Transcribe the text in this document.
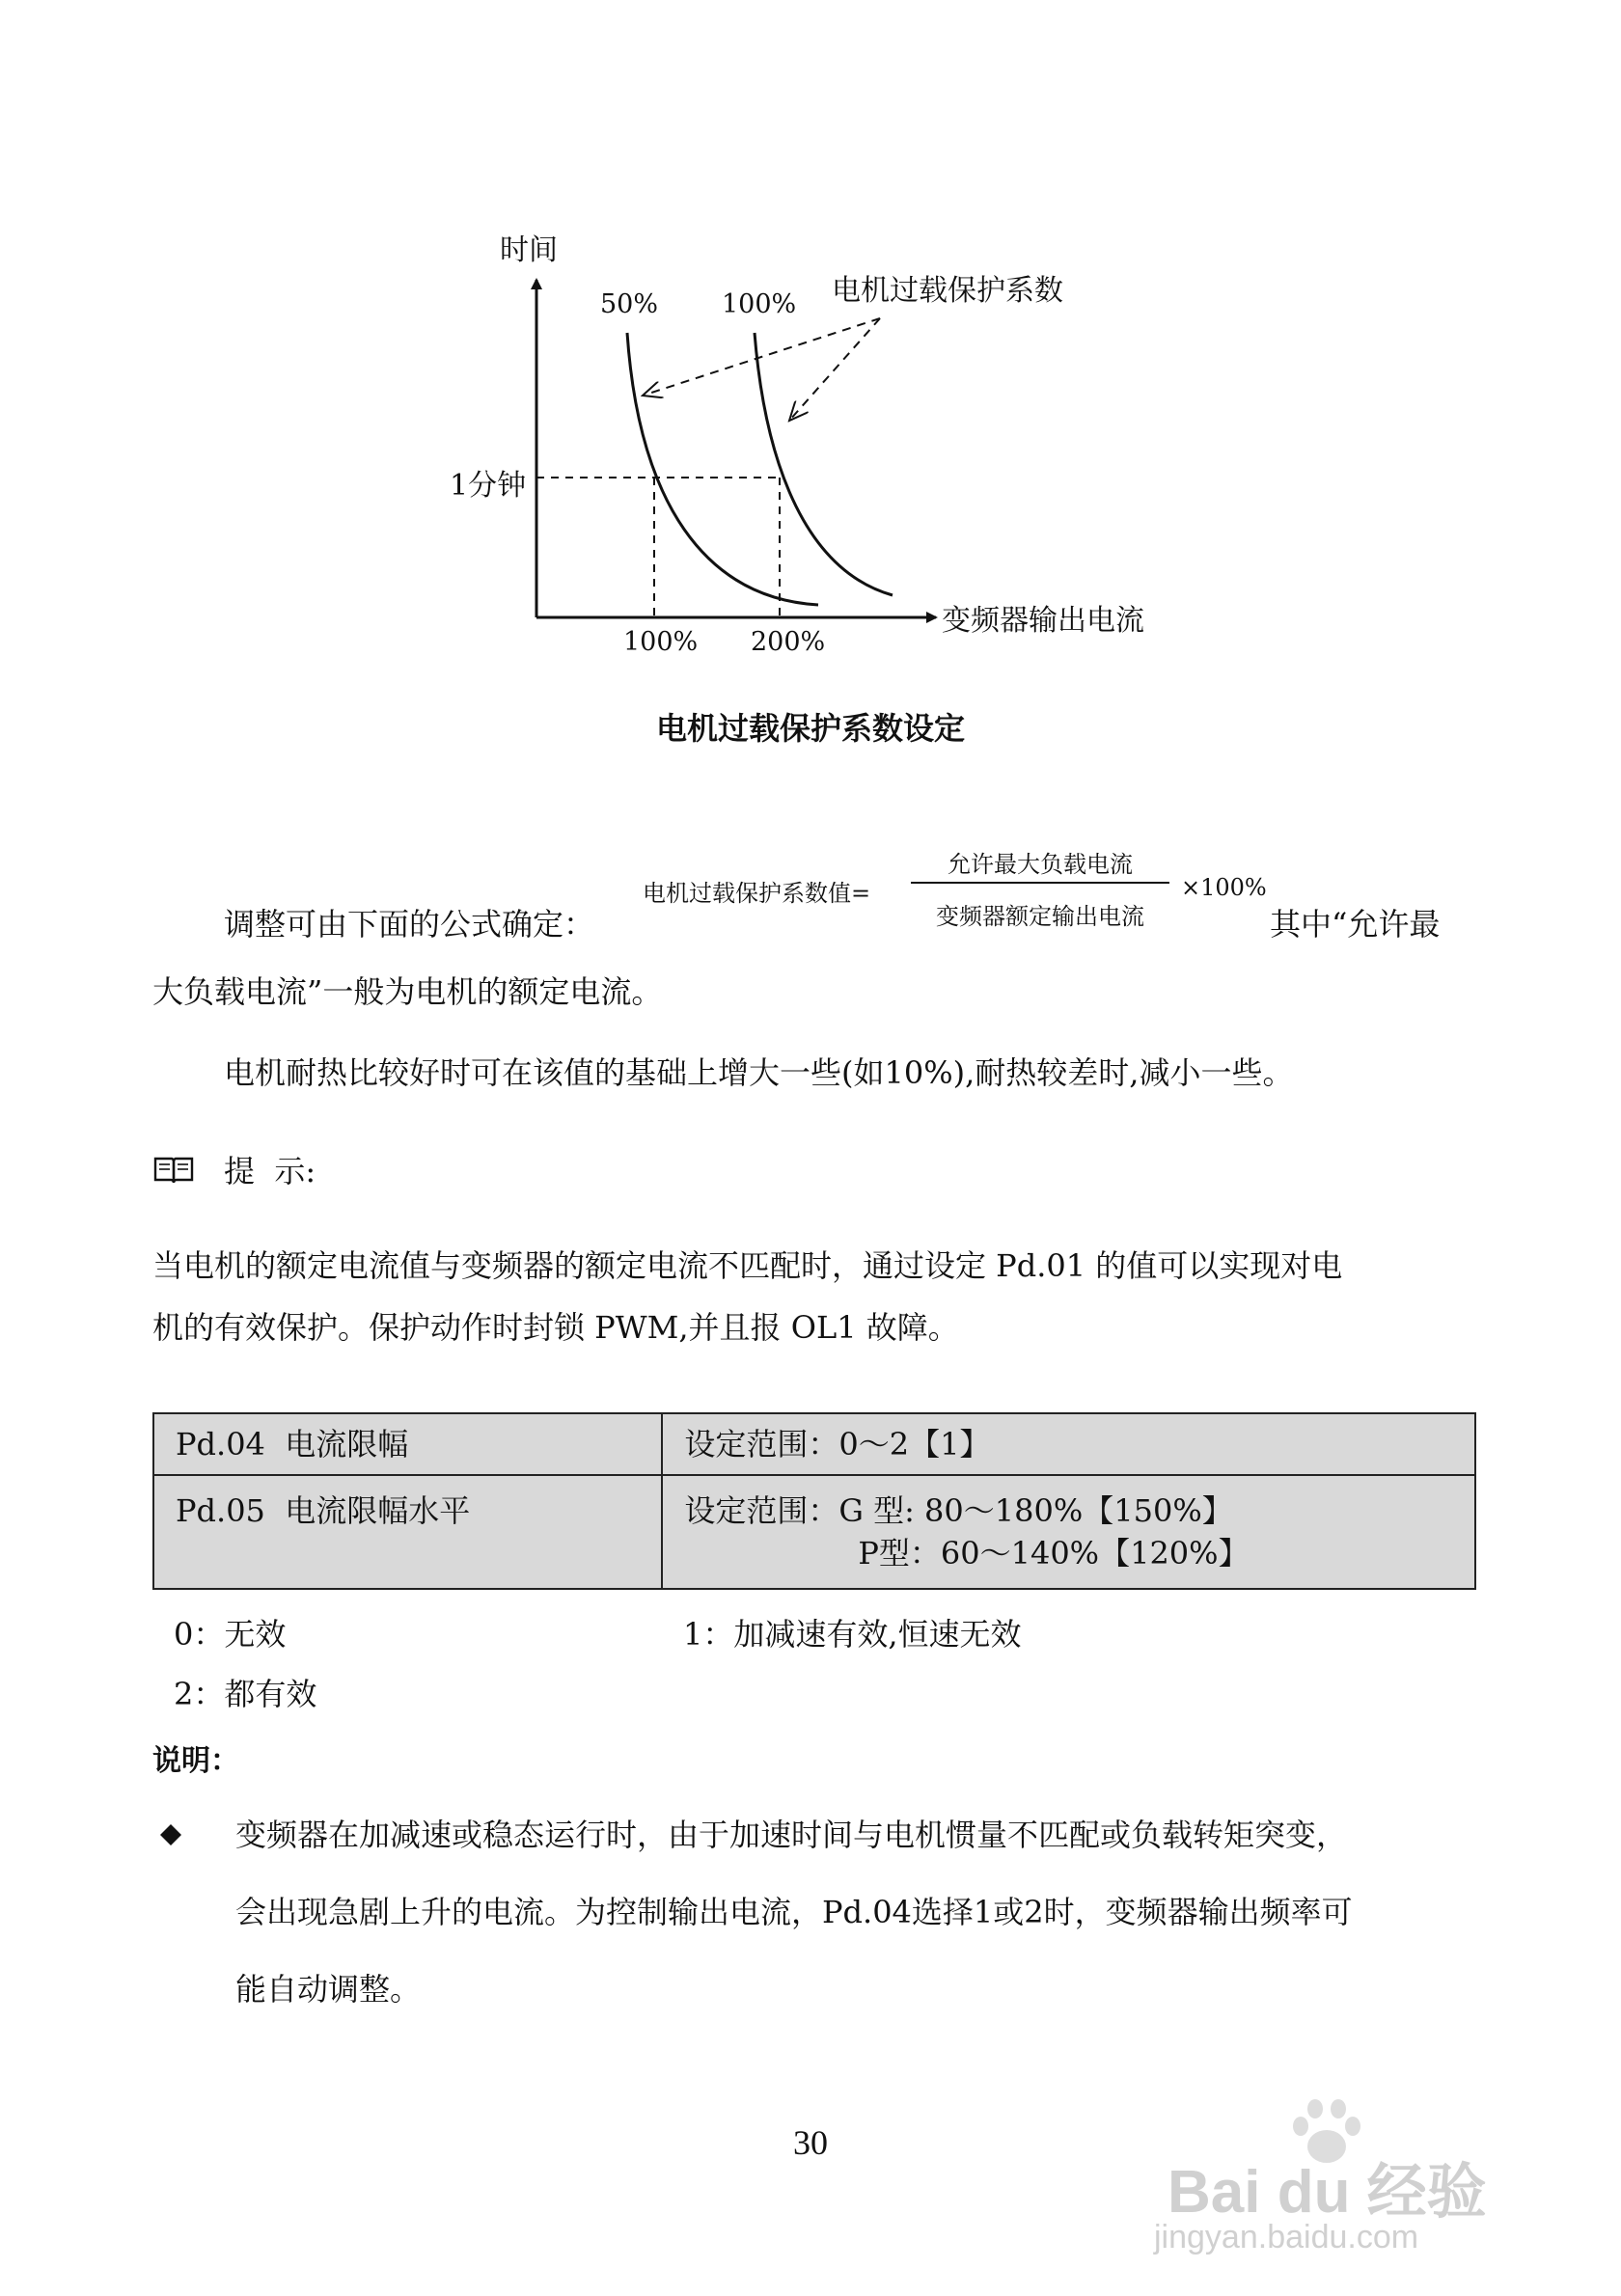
时间
50% 100% 电机过载保护系数
1分钟
100% 200%
变频器输出电流
电机过载保护系数设定
电机过载保护系数值=
允许最大负载电流
变频器额定输出电流
×100%
调整可由下面的公式确定：	其中“允许最
大负载电流”一般为电机的额定电流。
电机耐热比较好时可在该值的基础上增大一些(如10%),耐热较差时,减小一些。
提  示:
当电机的额定电流值与变频器的额定电流不匹配时，通过设定 Pd.01 的值可以实现对电
机的有效保护。保护动作时封锁 PWM,并且报 OL1 故障。
Pd.04  电流限幅	设定范围：0～2【1】
Pd.05  电流限幅水平	设定范围：G 型: 80～180%【150%】
P型：60～140%【120%】
0：无效	1：加减速有效,恒速无效
2：都有效
说明：
变频器在加减速或稳态运行时，由于加速时间与电机惯量不匹配或负载转矩突变，
会出现急剧上升的电流。为控制输出电流，Pd.04选择1或2时，变频器输出频率可
能自动调整。
30
Bai du 经验
jingyan.baidu.com
